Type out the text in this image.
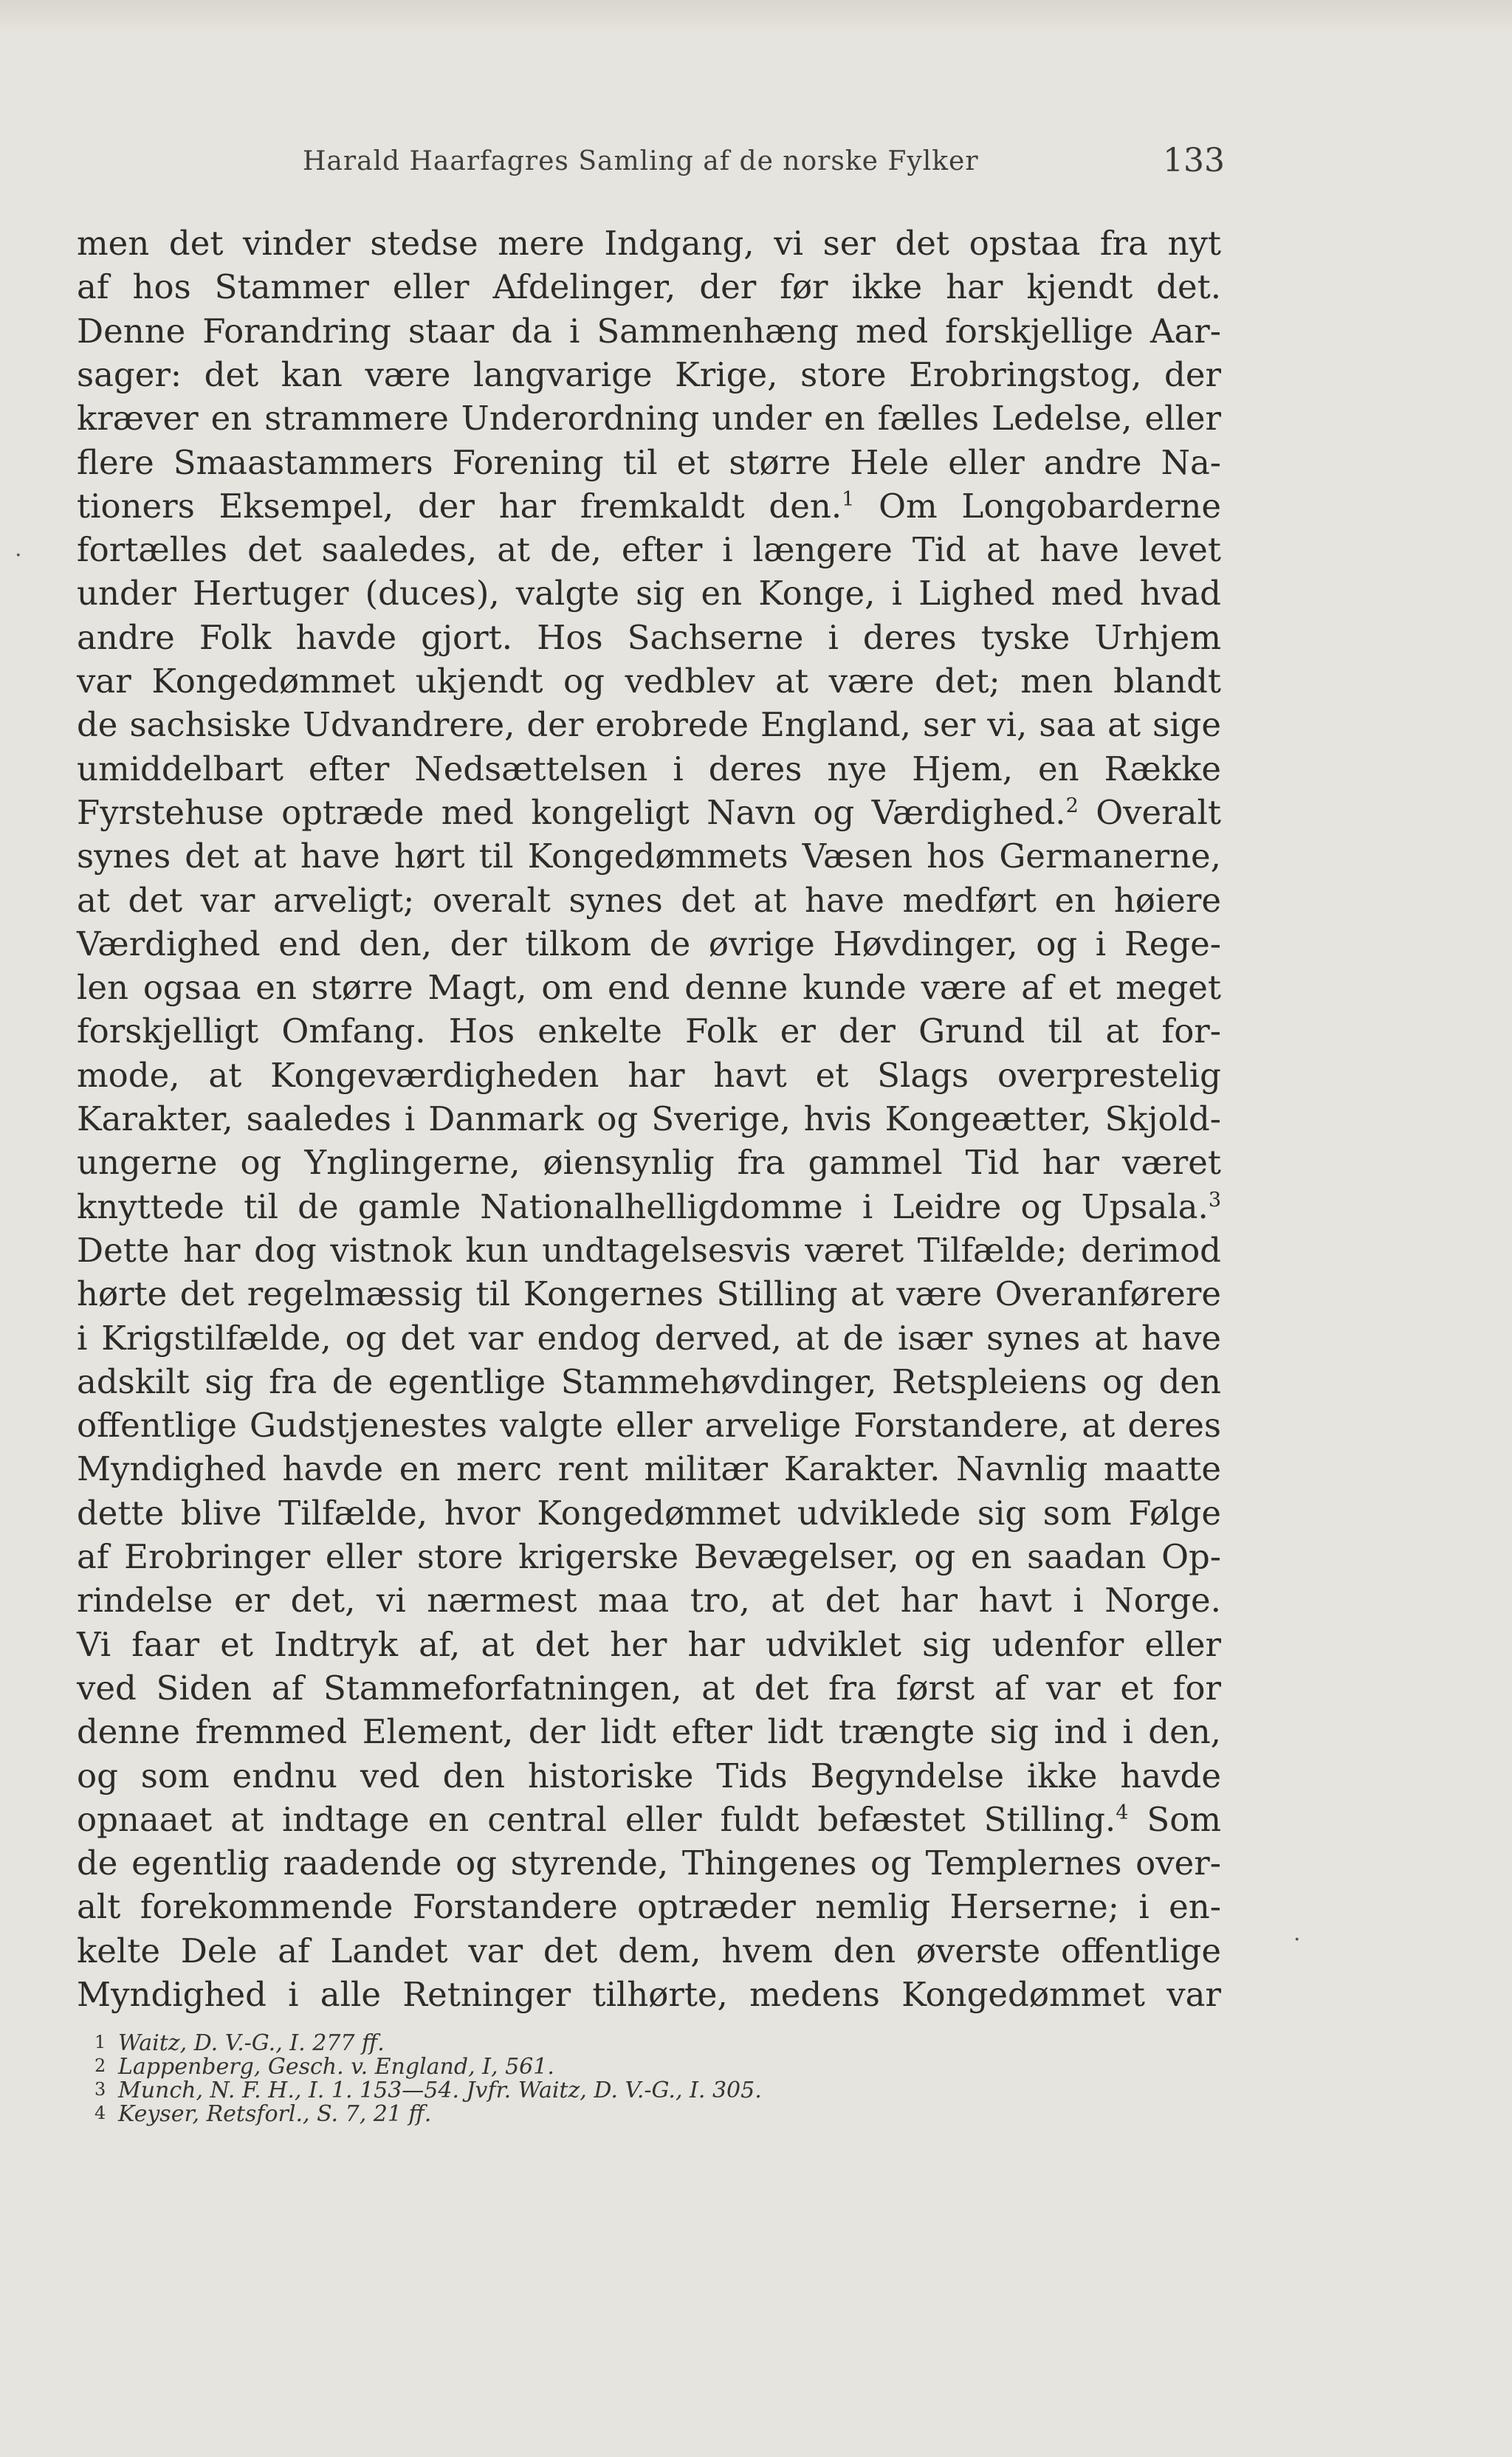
Harald Haarfagres Samling af de norske Fylker	133
men det vinder stedse mere Indgang, vi ser det opstaa fra nyt
af hos Stammer eller Afdelinger, der før ikke har kjendt det.
Denne Forandring staar da i Sammenhæng med forskjellige Aar-
sager: det kan være langvarige Krige, store Erobringstog, der
kræver en strammere Underordning under en fælles Ledelse, eller
flere Smaastammers Forening til et større Hele eller andre Na-
tioners Eksempel, der har fremkaldt den.$^1$ Om Longobarderne
fortælles det saaledes, at de, efter i længere Tid at have levet
under Hertuger (duces), valgte sig en Konge, i Lighed med hvad
andre Folk havde gjort. Hos Sachserne i deres tyske Urhjem
var Kongedømmet ukjendt og vedblev at være det; men blandt
de sachsiske Udvandrere, der erobrede England, ser vi, saa at sige
umiddelbart efter Nedsættelsen i deres nye Hjem, en Række
Fyrstehuse optræde med kongeligt Navn og Værdighed.$^2$ Overalt
synes det at have hørt til Kongedømmets Væsen hos Germanerne,
at det var arveligt; overalt synes det at have medført en høiere
Værdighed end den, der tilkom de øvrige Høvdinger, og i Rege-
len ogsaa en større Magt, om end denne kunde være af et meget
forskjelligt Omfang. Hos enkelte Folk er der Grund til at for-
mode, at Kongeværdigheden har havt et Slags overprestelig
Karakter, saaledes i Danmark og Sverige, hvis Kongeætter, Skjold-
ungerne og Ynglingerne, øiensynlig fra gammel Tid har været
knyttede til de gamle Nationalhelligdomme i Leidre og Upsala.$^3$
Dette har dog vistnok kun undtagelsesvis været Tilfælde; derimod
hørte det regelmæssig til Kongernes Stilling at være Overanførere
i Krigstilfælde, og det var endog derved, at de især synes at have
adskilt sig fra de egentlige Stammehøvdinger, Retspleiens og den
offentlige Gudstjenestes valgte eller arvelige Forstandere, at deres
Myndighed havde en merc rent militær Karakter. Navnlig maatte
dette blive Tilfælde, hvor Kongedømmet udviklede sig som Følge
af Erobringer eller store krigerske Bevægelser, og en saadan Op-
rindelse er det, vi nærmest maa tro, at det har havt i Norge.
Vi faar et Indtryk af, at det her har udviklet sig udenfor eller
ved Siden af Stammeforfatningen, at det fra først af var et for
denne fremmed Element, der lidt efter lidt trængte sig ind i den,
og som endnu ved den historiske Tids Begyndelse ikke havde
opnaaet at indtage en central eller fuldt befæstet Stilling.$^4$ Som
de egentlig raadende og styrende, Thingenes og Templernes over-
alt forekommende Forstandere optræder nemlig Herserne; i en-
kelte Dele af Landet var det dem, hvem den øverste offentlige
Myndighed i alle Retninger tilhørte, medens Kongedømmet var
1 Waitz, D. V.-G., I. 277 ff.
2 Lappenberg, Gesch. v. England, I, 561.
3 Munch, N. F. H., I. 1. 153—54. Jvfr. Waitz, D. V.-G., I. 305.
4 Keyser, Retsforl., S. 7, 21 ff.
·
·
